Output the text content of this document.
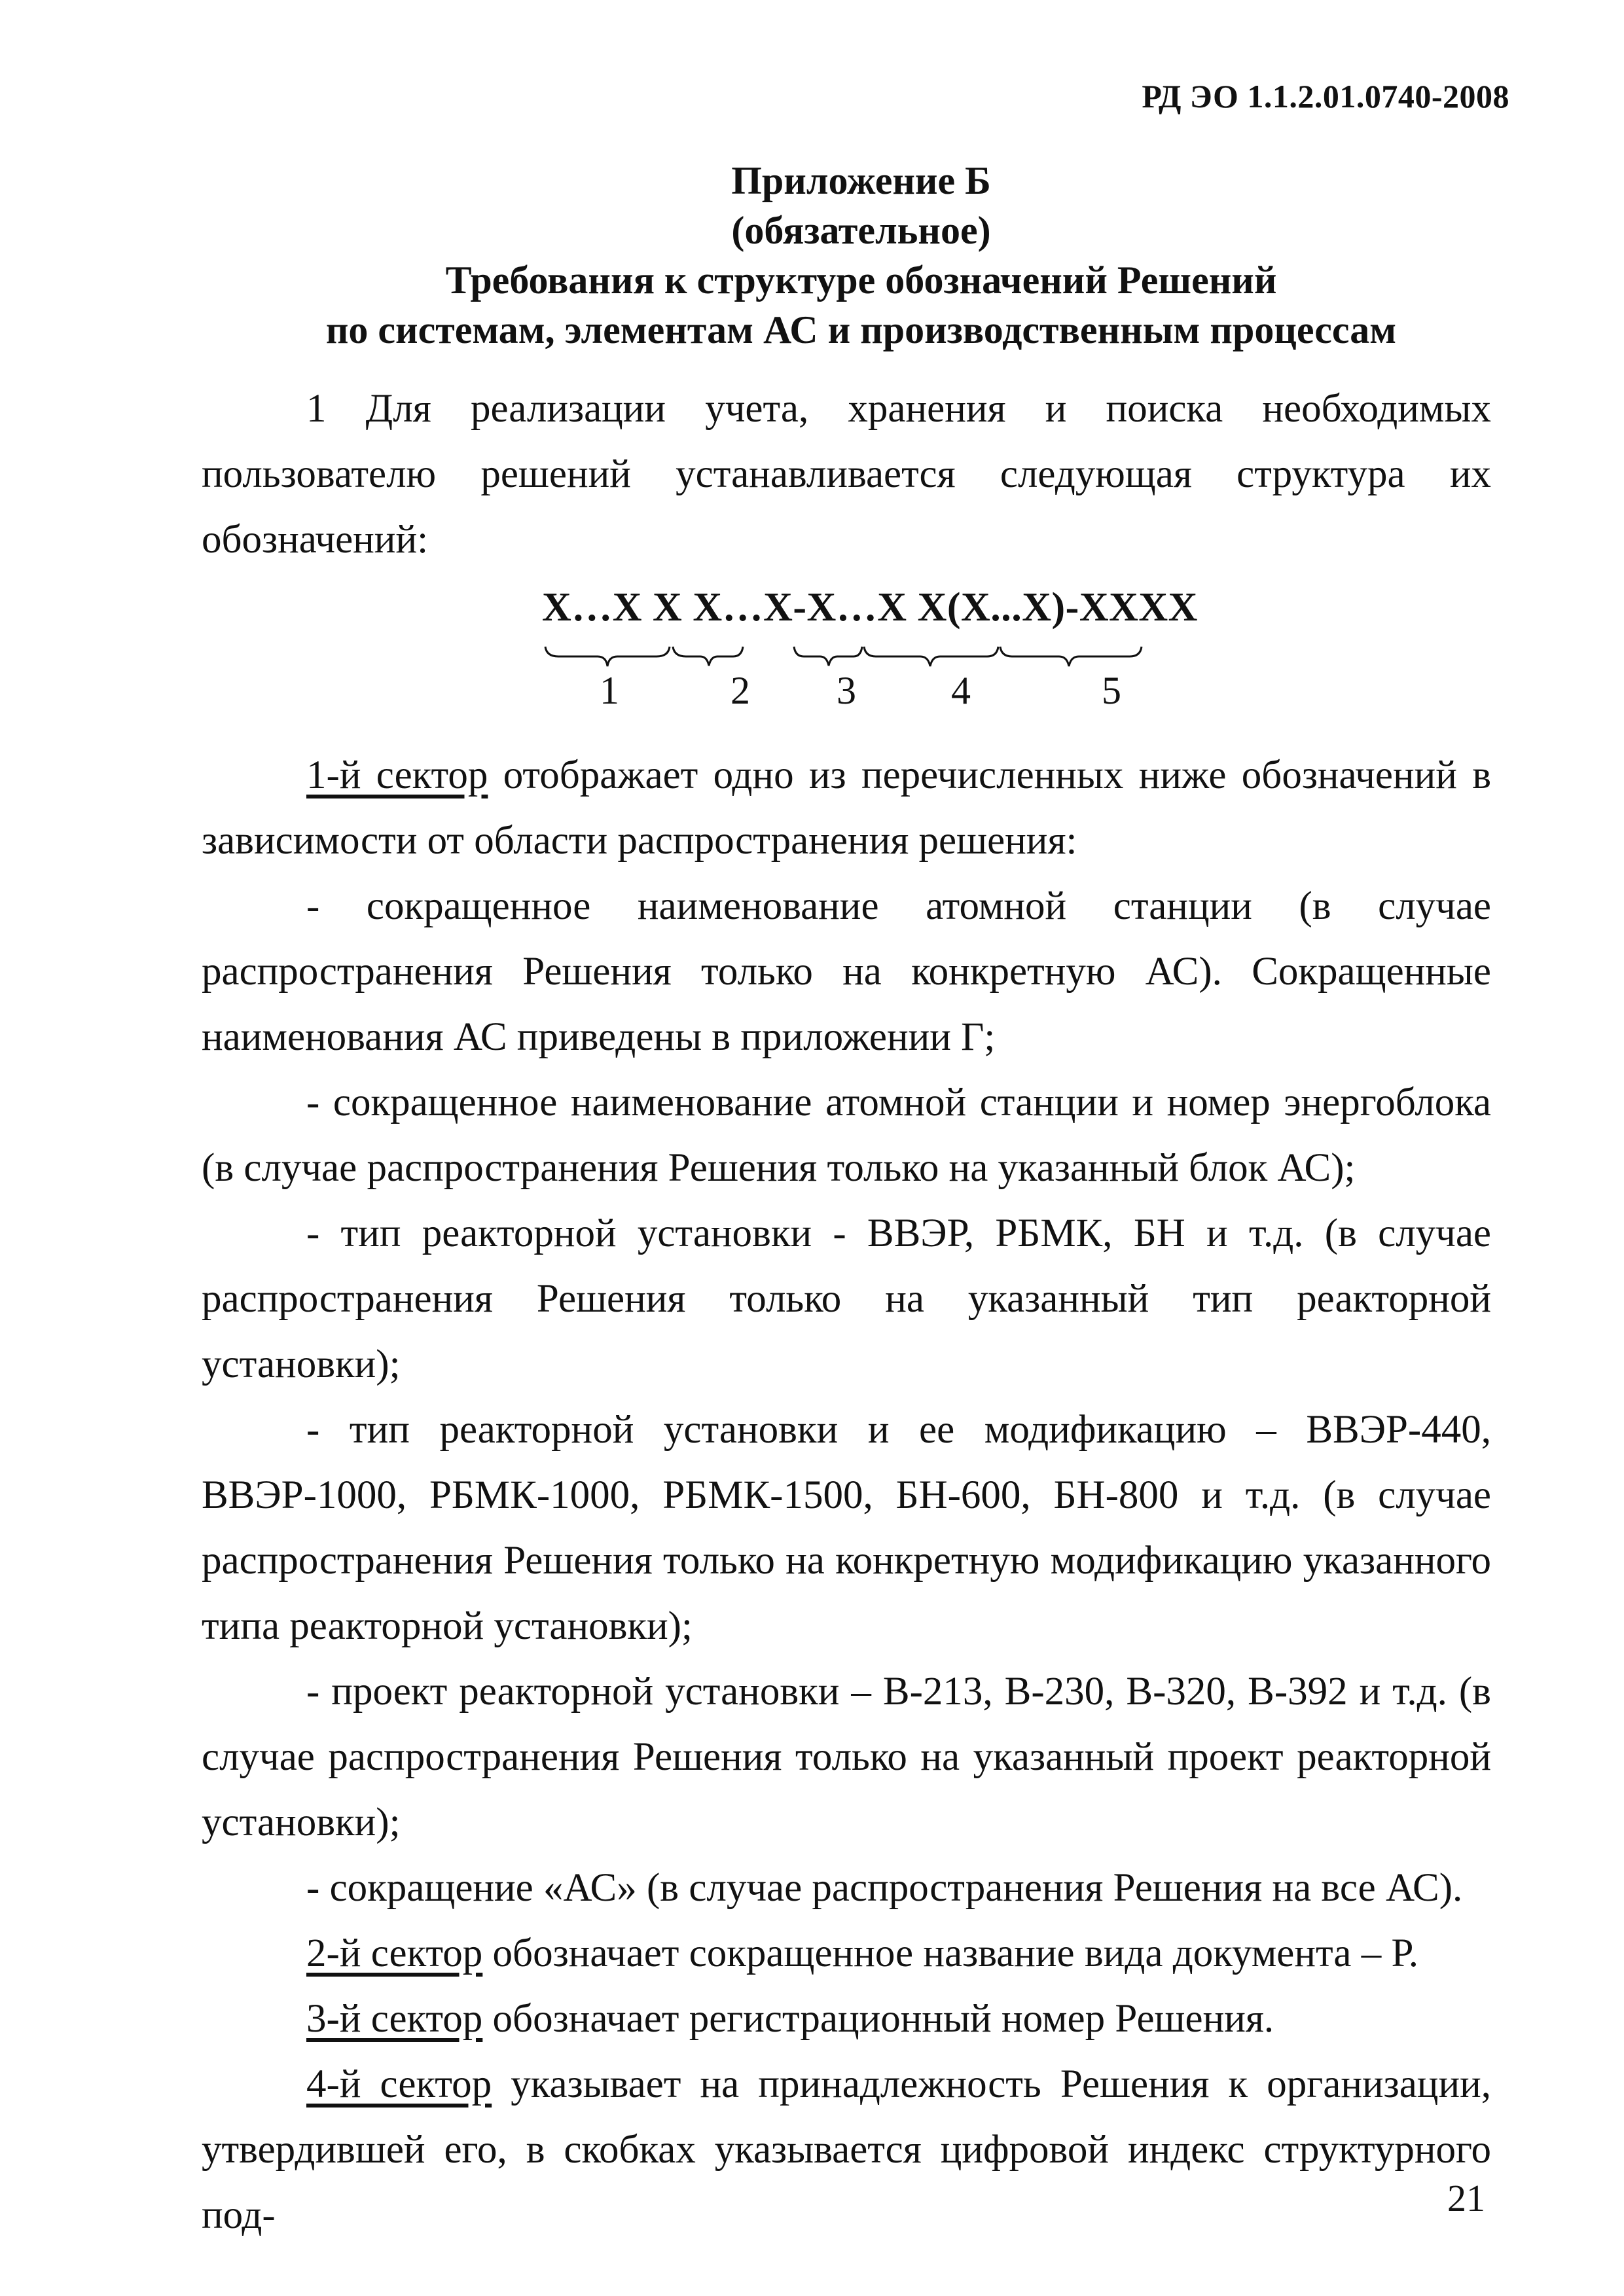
РД ЭО 1.1.2.01.0740-2008
Приложение Б
(обязательное)
Требования к структуре обозначений Решений
по системам, элементам АС и производственным процессам

1 Для реализации учета, хранения и поиска необходимых пользователю решений устанавливается следующая структура их обозначений:

X…X X X…X-X…X X(X...X)-XXXX
1	2 3 4	5

1-й сектор отображает одно из перечисленных ниже обозначений в зависимости от области распространения решения:

- сокращенное наименование атомной станции (в случае распространения Решения только на конкретную АС). Сокращенные наименования АС приведены в приложении Г;

- сокращенное наименование атомной станции и номер энергоблока (в случае распространения Решения только на указанный блок АС);

- тип реакторной установки - ВВЭР, РБМК, БН и т.д. (в случае распространения Решения только на указанный тип реакторной установки);

- тип реакторной установки и ее модификацию – ВВЭР-440, ВВЭР-1000, РБМК-1000, РБМК-1500, БН-600, БН-800 и т.д. (в случае распространения Решения только на конкретную модификацию указанного типа реакторной установки);

- проект реакторной установки – В-213, В-230, В-320, В-392 и т.д. (в случае распространения Решения только на указанный проект реакторной установки);

- сокращение «АС» (в случае распространения Решения на все АС).

2-й сектор обозначает сокращенное название вида документа – Р.

3-й сектор обозначает регистрационный номер Решения.

4-й сектор указывает на принадлежность Решения к организации, утвердившей его, в скобках указывается цифровой индекс структурного под-	21
